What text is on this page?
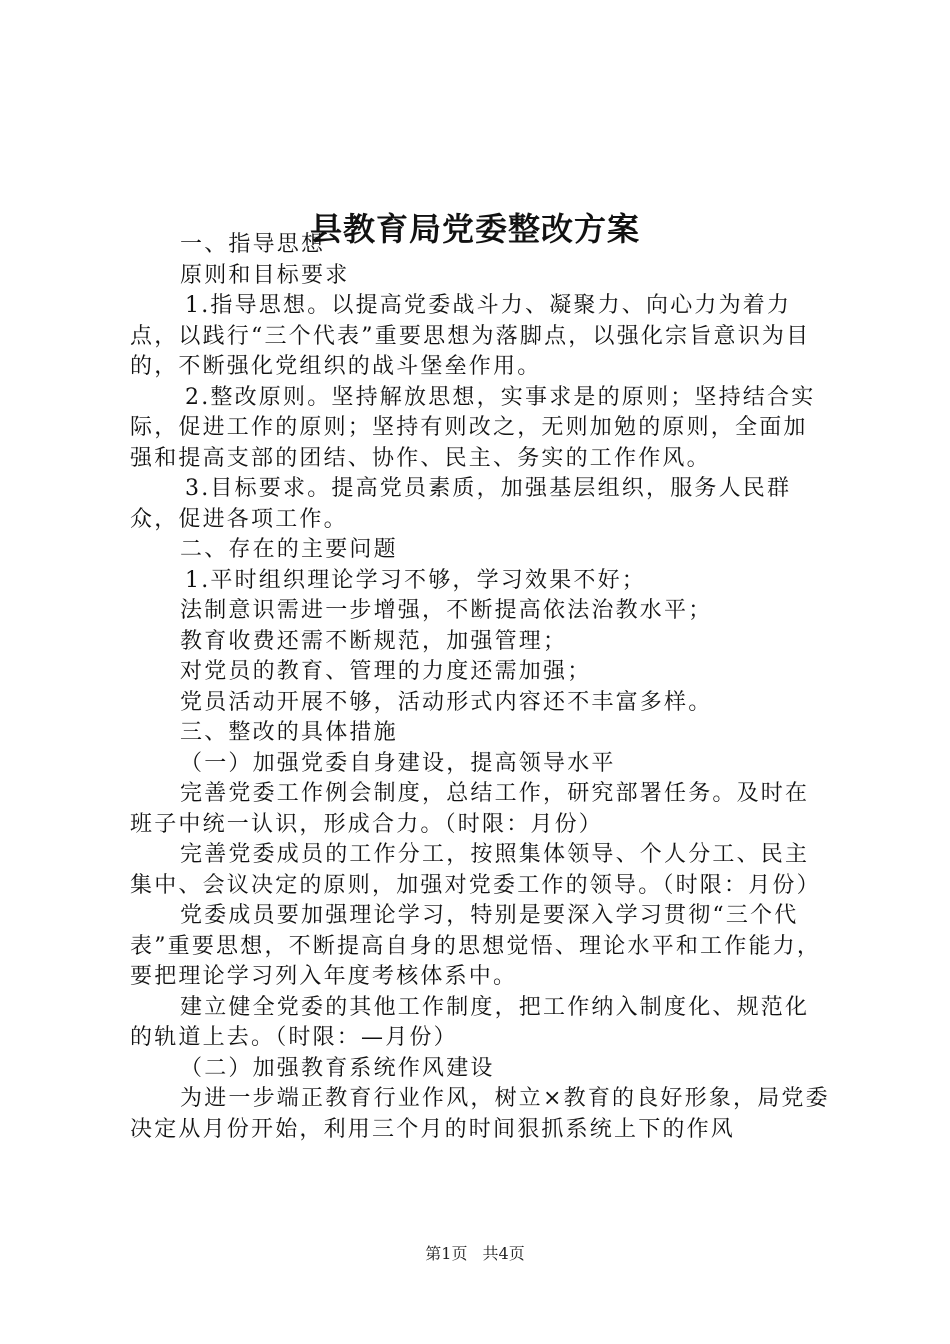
县教育局党委整改方案

一、指导思想

原则和目标要求

1.指导思想。以提高党委战斗力、凝聚力、向心力为着力点，以践行“三个代表”重要思想为落脚点，以强化宗旨意识为目的，不断强化党组织的战斗堡垒作用。

2.整改原则。坚持解放思想，实事求是的原则；坚持结合实际，促进工作的原则；坚持有则改之，无则加勉的原则，全面加强和提高支部的团结、协作、民主、务实的工作作风。

3.目标要求。提高党员素质，加强基层组织，服务人民群众，促进各项工作。

二、存在的主要问题

1.平时组织理论学习不够，学习效果不好；

法制意识需进一步增强，不断提高依法治教水平；

教育收费还需不断规范，加强管理；

对党员的教育、管理的力度还需加强；

党员活动开展不够，活动形式内容还不丰富多样。

三、整改的具体措施

（一）加强党委自身建设，提高领导水平

完善党委工作例会制度，总结工作，研究部署任务。及时在班子中统一认识，形成合力。（时限：月份）

完善党委成员的工作分工，按照集体领导、个人分工、民主集中、会议决定的原则，加强对党委工作的领导。（时限：月份）

党委成员要加强理论学习，特别是要深入学习贯彻“三个代表”重要思想，不断提高自身的思想觉悟、理论水平和工作能力，要把理论学习列入年度考核体系中。

建立健全党委的其他工作制度，把工作纳入制度化、规范化的轨道上去。（时限：—月份）

（二）加强教育系统作风建设

为进一步端正教育行业作风，树立×教育的良好形象，局党委决定从月份开始，利用三个月的时间狠抓系统上下的作风

第1页 共4页
